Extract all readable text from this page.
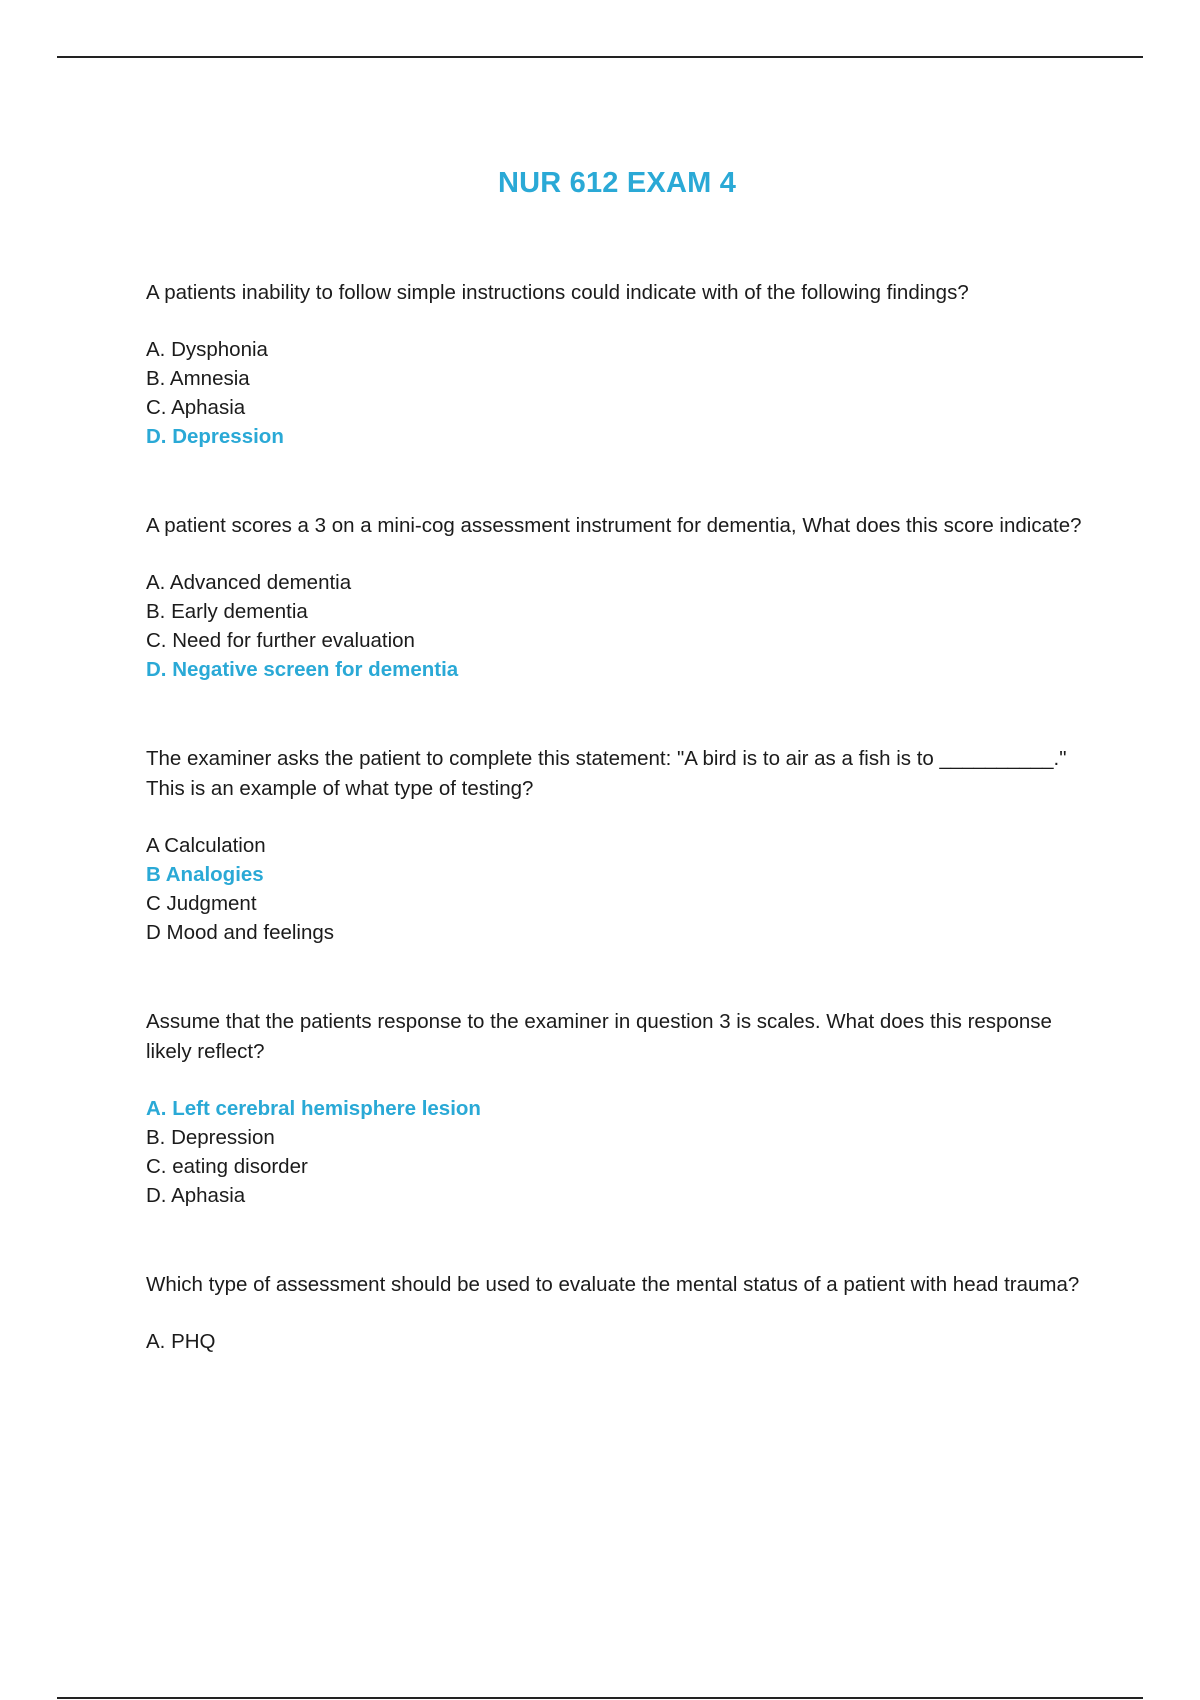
NUR 612 EXAM 4

A patients inability to follow simple instructions could indicate with of the following findings?

A. Dysphonia
B. Amnesia
C. Aphasia
D. Depression

A patient scores a 3 on a mini-cog assessment instrument for dementia, What does this score indicate?

A. Advanced dementia
B. Early dementia
C. Need for further evaluation
D. Negative screen for dementia

The examiner asks the patient to complete this statement: "A bird is to air as a fish is to __________." This is an example of what type of testing?

A Calculation
B Analogies
C Judgment
D Mood and feelings

Assume that the patients response to the examiner in question 3 is scales. What does this response likely reflect?

A. Left cerebral hemisphere lesion
B. Depression
C. eating disorder
D. Aphasia

Which type of assessment should be used to evaluate the mental status of a patient with head trauma?

A. PHQ
